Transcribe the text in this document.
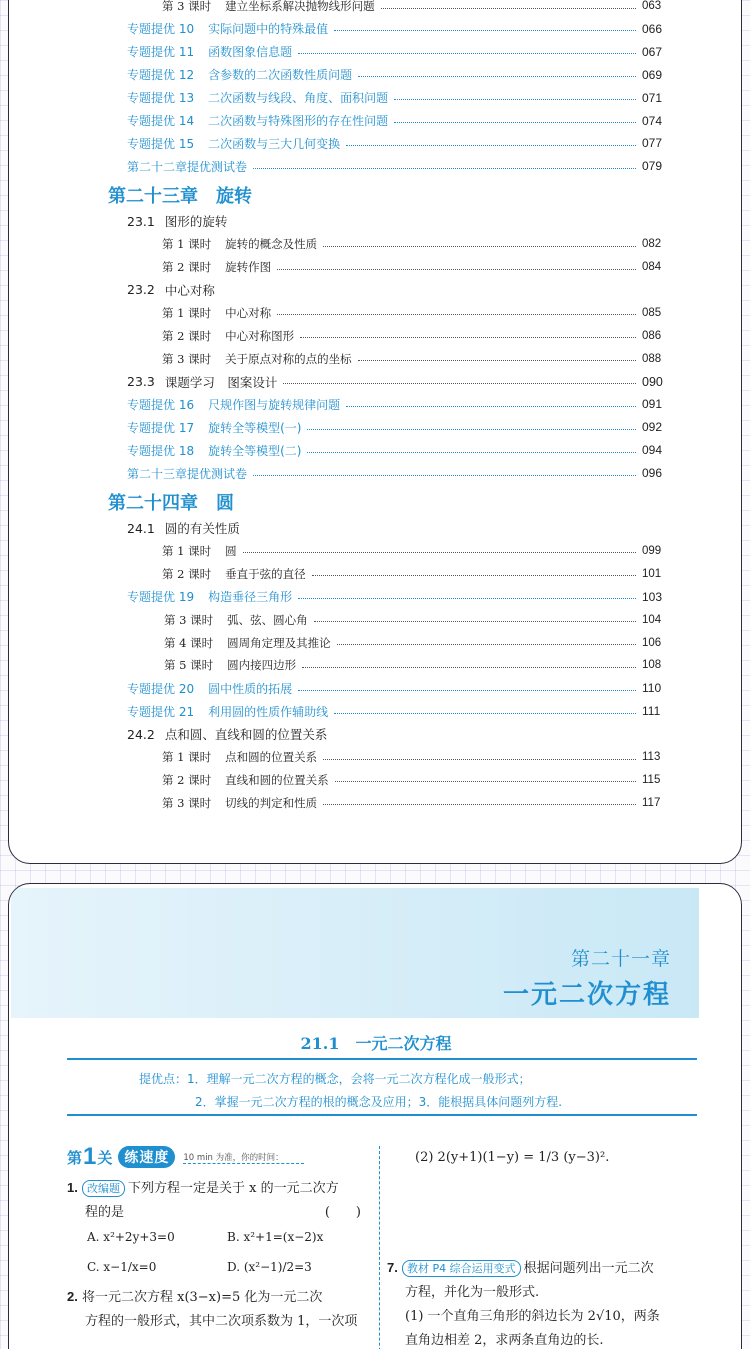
第 3 课时 建立坐标系解决抛物线形问题	063
专题提优 10 实际问题中的特殊最值	066
专题提优 11 函数图象信息题	067
专题提优 12 含参数的二次函数性质问题	069
专题提优 13 二次函数与线段、角度、面积问题	071
专题提优 14 二次函数与特殊图形的存在性问题	074
专题提优 15 二次函数与三大几何变换	077
第二十二章提优测试卷	079
第二十三章 旋转
23.1 图形的旋转
第 1 课时 旋转的概念及性质	082
第 2 课时 旋转作图	084
23.2 中心对称
第 1 课时 中心对称	085
第 2 课时 中心对称图形	086
第 3 课时 关于原点对称的点的坐标	088
23.3 课题学习　图案设计	090
专题提优 16 尺规作图与旋转规律问题	091
专题提优 17 旋转全等模型(一)	092
专题提优 18 旋转全等模型(二)	094
第二十三章提优测试卷	096
第二十四章 圆
24.1 圆的有关性质
第 1 课时 圆	099
第 2 课时 垂直于弦的直径	101
专题提优 19 构造垂径三角形	103
第 3 课时 弧、弦、圆心角	104
第 4 课时 圆周角定理及其推论	106
第 5 课时 圆内接四边形	108
专题提优 20 圆中性质的拓展	110
专题提优 21 利用圆的性质作辅助线	111
24.2 点和圆、直线和圆的位置关系
第 1 课时 点和圆的位置关系	113
第 2 课时 直线和圆的位置关系	115
第 3 课时 切线的判定和性质	117
第二十一章
一元二次方程
21.1　一元二次方程
提优点：1．理解一元二次方程的概念，会将一元二次方程化成一般形式；
2．掌握一元二次方程的根的概念及应用；3．能根据具体问题列方程.
第 1 关 练速度	10 min 为准，你的时间：
1. 改编题 下列方程一定是关于 x 的一元二次方
程的是	(　　)
A. x²+2y+3=0	B. x²+1=(x−2)x
C. x−1/x=0	D. (x²−1)/2=3
2. 将一元二次方程 x(3−x)=5 化为一元二次
方程的一般形式，其中二次项系数为 1，一次项
(2) 2(y+1)(1−y) = 1/3 (y−3)².
7. 教材 P4 综合运用变式 根据问题列出一元二次
方程，并化为一般形式.
(1) 一个直角三角形的斜边长为 2√10，两条
直角边相差 2，求两条直角边的长.
